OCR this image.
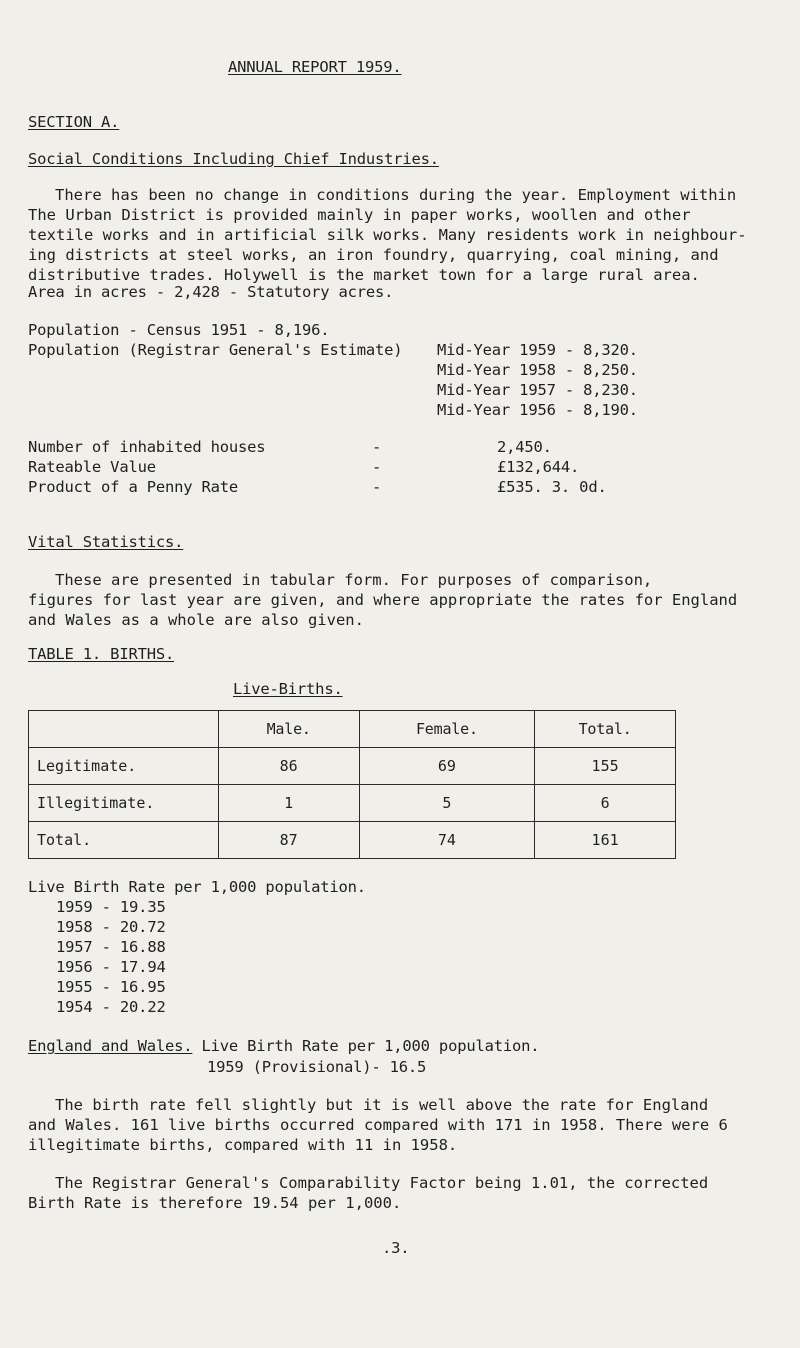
ANNUAL REPORT 1959.
SECTION A.
Social Conditions Including Chief Industries.
There has been no change in conditions during the year. Employment within
The Urban District is provided mainly in paper works, woollen and other
textile works and in artificial silk works. Many residents work in neighbour-
ing districts at steel works, an iron foundry, quarrying, coal mining, and
distributive trades. Holywell is the market town for a large rural area.
Area in acres - 2,428 - Statutory acres.
Population - Census 1951 - 8,196.
Population (Registrar General's Estimate) Mid-Year 1959 - 8,320.
Mid-Year 1958 - 8,250.
Mid-Year 1957 - 8,230.
Mid-Year 1956 - 8,190.
Number of inhabited houses	-	2,450.
Rateable Value	-	£132,644.
Product of a Penny Rate	-	£535. 3. 0d.
Vital Statistics.
These are presented in tabular form. For purposes of comparison,
figures for last year are given, and where appropriate the rates for England
and Wales as a whole are also given.
TABLE 1. BIRTHS.
Live-Births.
	Male.	Female.	Total.
Legitimate.	86	69	155
Illegitimate.	1	5	6
Total.	87	74	161
Live Birth Rate per 1,000 population.
1959 - 19.35
1958 - 20.72
1957 - 16.88
1956 - 17.94
1955 - 16.95
1954 - 20.22
England and Wales. Live Birth Rate per 1,000 population.
1959 (Provisional)- 16.5
The birth rate fell slightly but it is well above the rate for England
and Wales. 161 live births occurred compared with 171 in 1958. There were 6
illegitimate births, compared with 11 in 1958.
The Registrar General's Comparability Factor being 1.01, the corrected
Birth Rate is therefore 19.54 per 1,000.
.3.
